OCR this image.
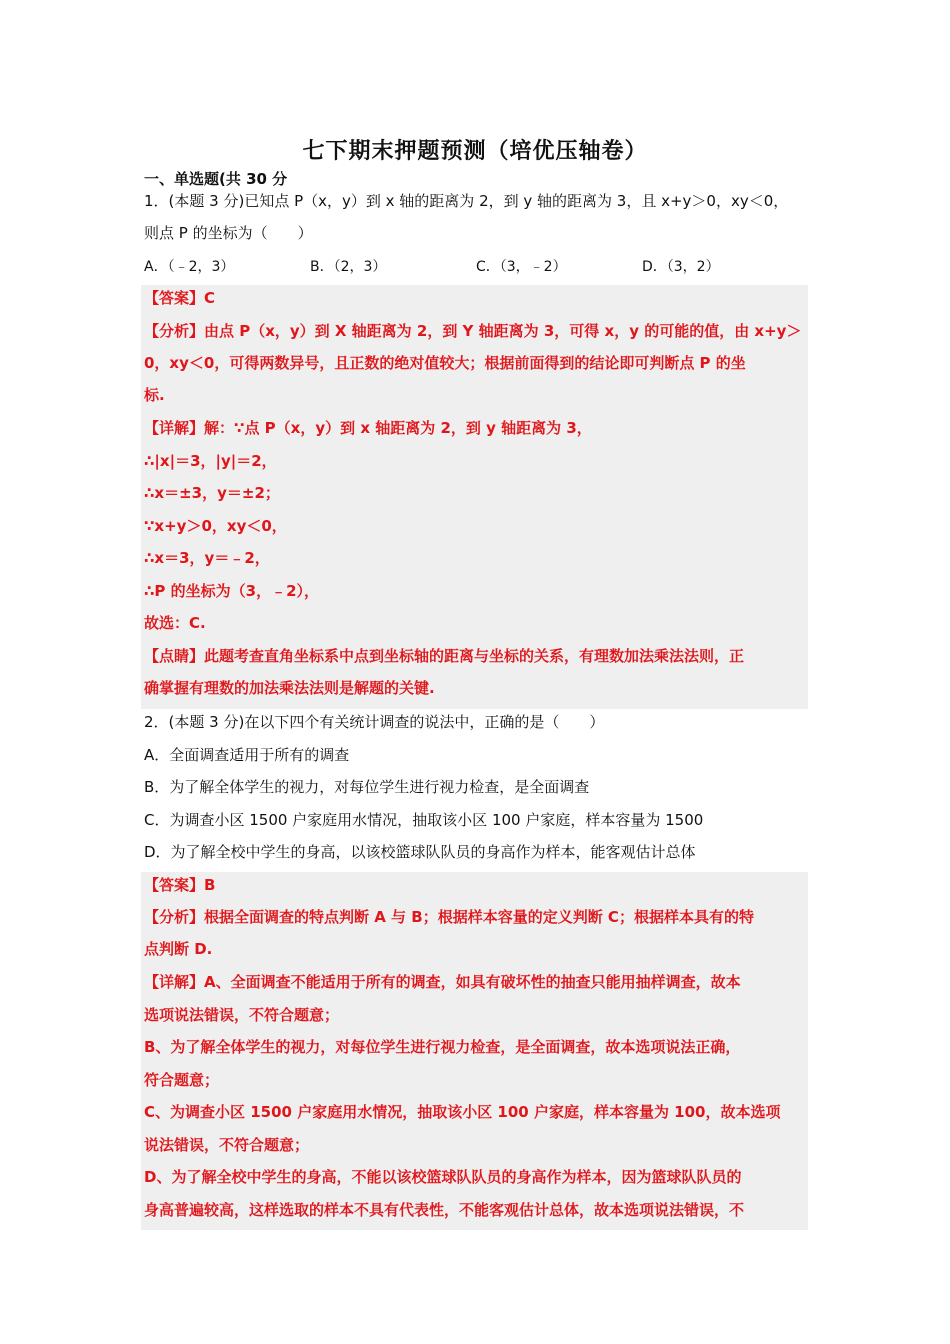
七下期末押题预测（培优压轴卷）
一、单选题(共 30 分
1．(本题 3 分)已知点 P（x，y）到 x 轴的距离为 2，到 y 轴的距离为 3，且 x+y＞0，xy＜0，
则点 P 的坐标为（　　）
A．（﹣2，3）	B．（2，3）	C．（3，﹣2）	D．（3，2）
【答案】C
【分析】由点 P（x，y）到 X 轴距离为 2，到 Y 轴距离为 3，可得 x，y 的可能的值，由 x+y＞
0，xy＜0，可得两数异号，且正数的绝对值较大；根据前面得到的结论即可判断点 P 的坐
标.
【详解】解：∵点 P（x，y）到 x 轴距离为 2，到 y 轴距离为 3，
∴|x|＝3，|y|＝2，
∴x＝±3，y＝±2；
∵x+y＞0，xy＜0，
∴x＝3，y＝﹣2，
∴P 的坐标为（3，﹣2），
故选：C.
【点睛】此题考查直角坐标系中点到坐标轴的距离与坐标的关系，有理数加法乘法法则，正
确掌握有理数的加法乘法法则是解题的关键.
2．(本题 3 分)在以下四个有关统计调查的说法中，正确的是（　　）
A．全面调查适用于所有的调查
B．为了解全体学生的视力，对每位学生进行视力检查，是全面调查
C．为调查小区 1500 户家庭用水情况，抽取该小区 100 户家庭，样本容量为 1500
D．为了解全校中学生的身高，以该校篮球队队员的身高作为样本，能客观估计总体
【答案】B
【分析】根据全面调查的特点判断 A 与 B；根据样本容量的定义判断 C；根据样本具有的特
点判断 D.
【详解】A、全面调查不能适用于所有的调查，如具有破坏性的抽查只能用抽样调查，故本
选项说法错误，不符合题意；
B、为了解全体学生的视力，对每位学生进行视力检查，是全面调查，故本选项说法正确，
符合题意；
C、为调查小区 1500 户家庭用水情况，抽取该小区 100 户家庭，样本容量为 100，故本选项
说法错误，不符合题意；
D、为了解全校中学生的身高，不能以该校篮球队队员的身高作为样本，因为篮球队队员的
身高普遍较高，这样选取的样本不具有代表性，不能客观估计总体，故本选项说法错误，不
